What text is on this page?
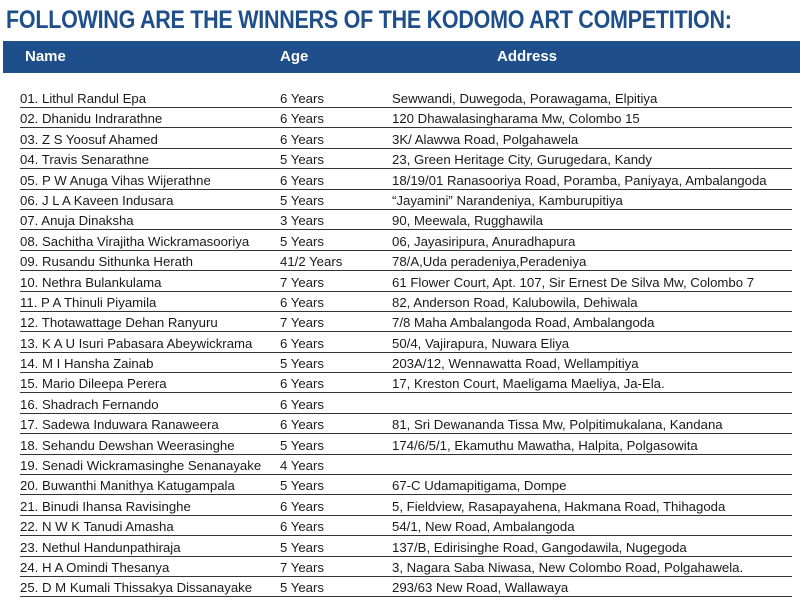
FOLLOWING ARE THE WINNERS OF THE KODOMO ART COMPETITION:
Name	Age	Address
01. Lithul Randul Epa	6 Years	Sewwandi, Duwegoda, Porawagama, Elpitiya
02. Dhanidu Indrarathne	6 Years	120 Dhawalasingharama Mw, Colombo 15
03. Z S Yoosuf Ahamed	6 Years	3K/ Alawwa Road, Polgahawela
04. Travis Senarathne	5 Years	23, Green Heritage City, Gurugedara, Kandy
05. P W Anuga Vihas Wijerathne	6 Years	18/19/01 Ranasooriya Road, Poramba, Paniyaya, Ambalangoda
06. J L A Kaveen Indusara	5 Years	“Jayamini” Narandeniya, Kamburupitiya
07. Anuja Dinaksha	3 Years	90, Meewala, Rugghawila
08. Sachitha Virajitha Wickramasooriya 5 Years	06, Jayasiripura, Anuradhapura
09. Rusandu Sithunka Herath	41/2 Years	78/A,Uda peradeniya,Peradeniya
10. Nethra Bulankulama	7 Years	61 Flower Court, Apt. 107, Sir Ernest De Silva Mw, Colombo 7
11. P A Thinuli Piyamila	6 Years	82, Anderson Road, Kalubowila, Dehiwala
12. Thotawattage Dehan Ranyuru	7 Years	7/8 Maha Ambalangoda Road, Ambalangoda
13. K A U Isuri Pabasara Abeywickrama 6 Years	50/4, Vajirapura, Nuwara Eliya
14. M I Hansha Zainab	5 Years	203A/12, Wennawatta Road, Wellampitiya
15. Mario Dileepa Perera	6 Years	17, Kreston Court, Maeligama Maeliya, Ja-Ela.
16. Shadrach Fernando	6 Years
17. Sadewa Induwara Ranaweera	6 Years	81, Sri Dewananda Tissa Mw, Polpitimukalana, Kandana
18. Sehandu Dewshan Weerasinghe	5 Years	174/6/5/1, Ekamuthu Mawatha, Halpita, Polgasowita
19. Senadi Wickramasinghe Senanayake 4 Years
20. Buwanthi Manithya Katugampala	5 Years	67-C Udamapitigama, Dompe
21. Binudi Ihansa Ravisinghe	6 Years	5, Fieldview, Rasapayahena, Hakmana Road, Thihagoda
22. N W K Tanudi Amasha	6 Years	54/1, New Road, Ambalangoda
23. Nethul Handunpathiraja	5 Years	137/B, Edirisinghe Road, Gangodawila, Nugegoda
24. H A Omindi Thesanya	7 Years	3, Nagara Saba Niwasa, New Colombo Road, Polgahawela.
25. D M Kumali Thissakya Dissanayake 5 Years	293/63 New Road, Wallawaya
